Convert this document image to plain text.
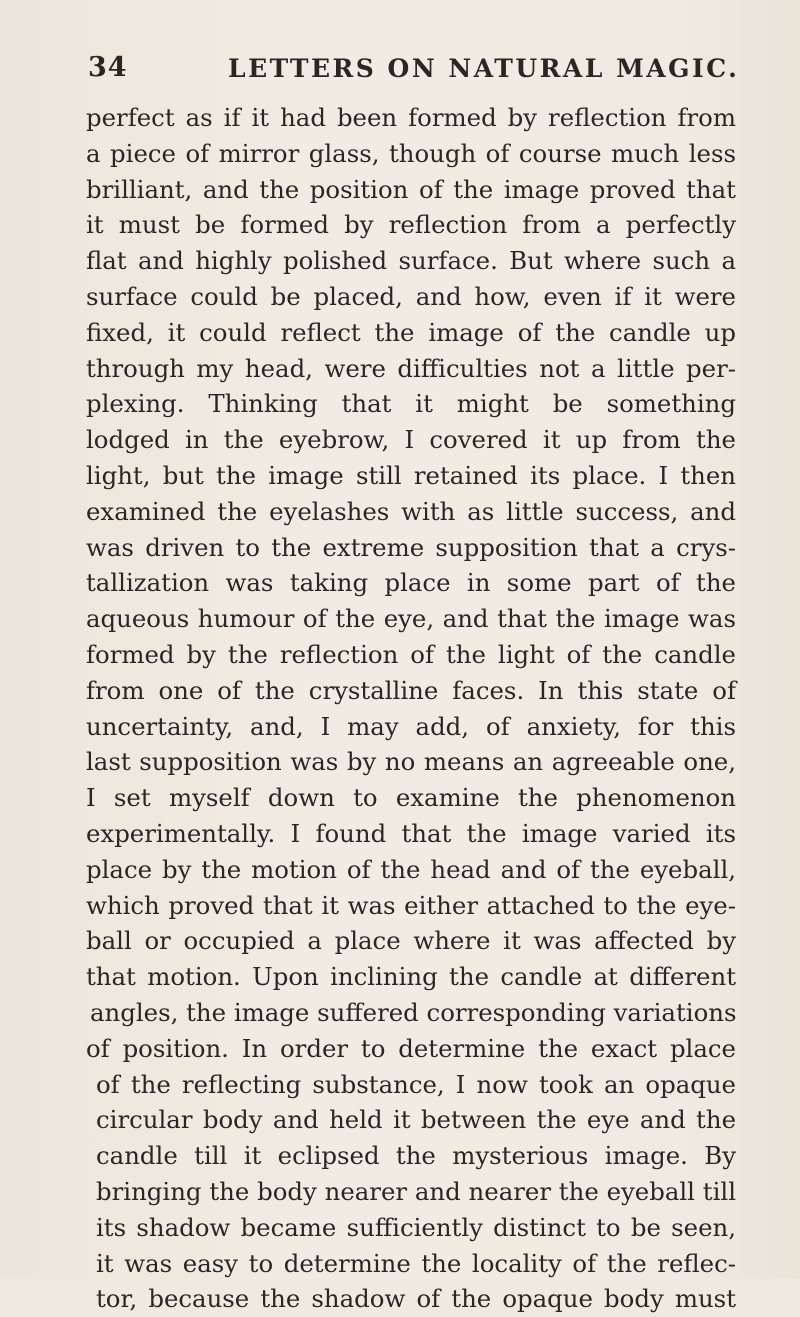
34	LETTERS ON NATURAL MAGIC.
perfect as if it had been formed by reflection from
a piece of mirror glass, though of course much less
brilliant, and the position of the image proved that
it must be formed by reflection from a perfectly
flat and highly polished surface. But where such a
surface could be placed, and how, even if it were
fixed, it could reflect the image of the candle up
through my head, were difficulties not a little per-
plexing. Thinking that it might be something
lodged in the eyebrow, I covered it up from the
light, but the image still retained its place. I then
examined the eyelashes with as little success, and
was driven to the extreme supposition that a crys-
tallization was taking place in some part of the
aqueous humour of the eye, and that the image was
formed by the reflection of the light of the candle
from one of the crystalline faces. In this state of
uncertainty, and, I may add, of anxiety, for this
last supposition was by no means an agreeable one,
I set myself down to examine the phenomenon
experimentally. I found that the image varied its
place by the motion of the head and of the eyeball,
which proved that it was either attached to the eye-
ball or occupied a place where it was affected by
that motion. Upon inclining the candle at different
angles, the image suffered corresponding variations
of position. In order to determine the exact place
of the reflecting substance, I now took an opaque
circular body and held it between the eye and the
candle till it eclipsed the mysterious image. By
bringing the body nearer and nearer the eyeball till
its shadow became sufficiently distinct to be seen,
it was easy to determine the locality of the reflec-
tor, because the shadow of the opaque body must
